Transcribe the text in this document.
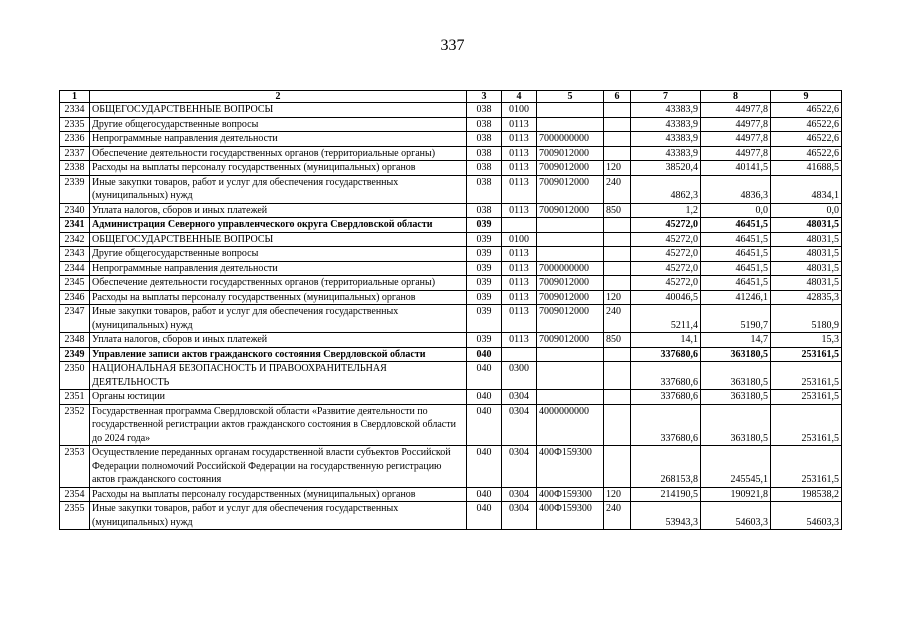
337
1	2	3	4	5	6	7	8	9
2334	ОБЩЕГОСУДАРСТВЕННЫЕ ВОПРОСЫ	038	0100			43383,9	44977,8	46522,6
2335	Другие общегосударственные вопросы	038	0113			43383,9	44977,8	46522,6
2336	Непрограммные направления деятельности	038	0113	7000000000		43383,9	44977,8	46522,6
2337	Обеспечение деятельности государственных органов (территориальные органы)	038	0113	7009012000		43383,9	44977,8	46522,6
2338	Расходы на выплаты персоналу государственных (муниципальных) органов	038	0113	7009012000	120	38520,4	40141,5	41688,5
2339	Иные закупки товаров, работ и услуг для обеспечения государственных (муниципальных) нужд	038	0113	7009012000	240	4862,3	4836,3	4834,1
2340	Уплата налогов, сборов и иных платежей	038	0113	7009012000	850	1,2	0,0	0,0
2341	Администрация Северного управленческого округа Свердловской области	039				45272,0	46451,5	48031,5
2342	ОБЩЕГОСУДАРСТВЕННЫЕ ВОПРОСЫ	039	0100			45272,0	46451,5	48031,5
2343	Другие общегосударственные вопросы	039	0113			45272,0	46451,5	48031,5
2344	Непрограммные направления деятельности	039	0113	7000000000		45272,0	46451,5	48031,5
2345	Обеспечение деятельности государственных органов (территориальные органы)	039	0113	7009012000		45272,0	46451,5	48031,5
2346	Расходы на выплаты персоналу государственных (муниципальных) органов	039	0113	7009012000	120	40046,5	41246,1	42835,3
2347	Иные закупки товаров, работ и услуг для обеспечения государственных (муниципальных) нужд	039	0113	7009012000	240	5211,4	5190,7	5180,9
2348	Уплата налогов, сборов и иных платежей	039	0113	7009012000	850	14,1	14,7	15,3
2349	Управление записи актов гражданского состояния Свердловской области	040				337680,6	363180,5	253161,5
2350	НАЦИОНАЛЬНАЯ БЕЗОПАСНОСТЬ И ПРАВООХРАНИТЕЛЬНАЯ ДЕЯТЕЛЬНОСТЬ	040	0300			337680,6	363180,5	253161,5
2351	Органы юстиции	040	0304			337680,6	363180,5	253161,5
2352	Государственная программа Свердловской области «Развитие деятельности по государственной регистрации актов гражданского состояния в Свердловской области до 2024 года»	040	0304	4000000000		337680,6	363180,5	253161,5
2353	Осуществление переданных органам государственной власти субъектов Российской Федерации полномочий Российской Федерации на государственную регистрацию актов гражданского состояния	040	0304	400Ф159300		268153,8	245545,1	253161,5
2354	Расходы на выплаты персоналу государственных (муниципальных) органов	040	0304	400Ф159300	120	214190,5	190921,8	198538,2
2355	Иные закупки товаров, работ и услуг для обеспечения государственных (муниципальных) нужд	040	0304	400Ф159300	240	53943,3	54603,3	54603,3
